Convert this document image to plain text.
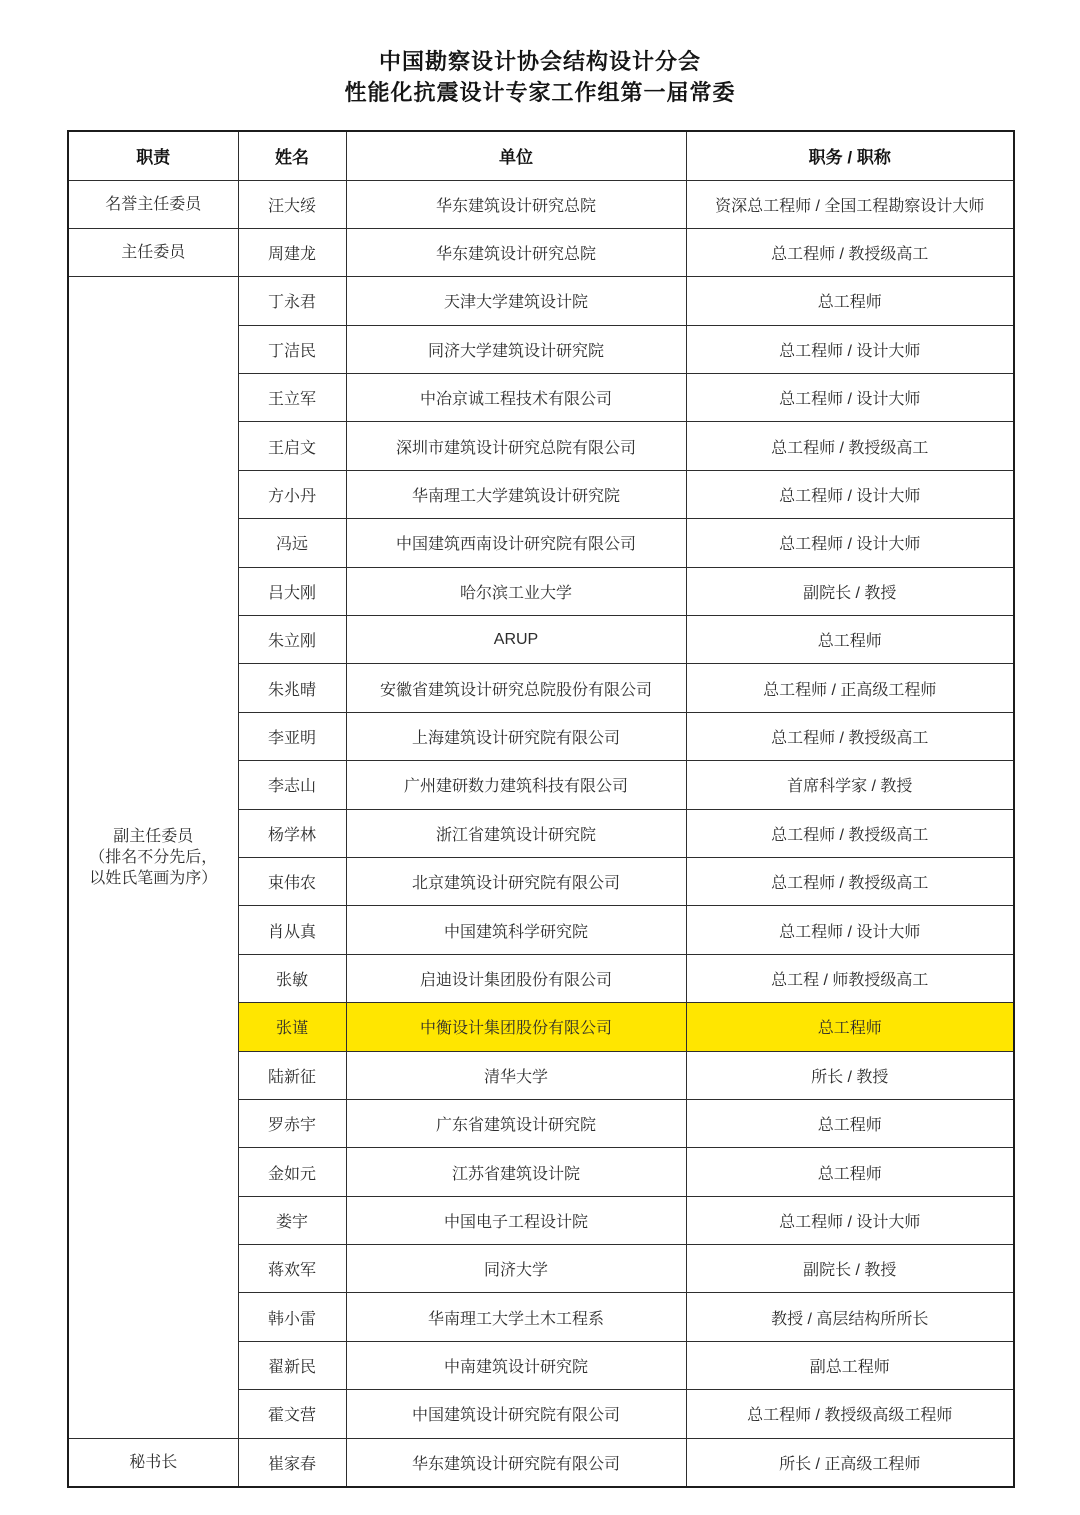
中国勘察设计协会结构设计分会
性能化抗震设计专家工作组第一届常委
职责	姓名	单位	职务 / 职称
名誉主任委员	汪大绥	华东建筑设计研究总院	资深总工程师 / 全国工程勘察设计大师
主任委员	周建龙	华东建筑设计研究总院	总工程师 / 教授级高工
副主任委员
（排名不分先后，
以姓氏笔画为序）	丁永君	天津大学建筑设计院	总工程师
	丁洁民	同济大学建筑设计研究院	总工程师 / 设计大师
	王立军	中冶京诚工程技术有限公司	总工程师 / 设计大师
	王启文	深圳市建筑设计研究总院有限公司	总工程师 / 教授级高工
	方小丹	华南理工大学建筑设计研究院	总工程师 / 设计大师
	冯远	中国建筑西南设计研究院有限公司	总工程师 / 设计大师
	吕大刚	哈尔滨工业大学	副院长 / 教授
	朱立刚	ARUP	总工程师
	朱兆晴	安徽省建筑设计研究总院股份有限公司	总工程师 / 正高级工程师
	李亚明	上海建筑设计研究院有限公司	总工程师 / 教授级高工
	李志山	广州建研数力建筑科技有限公司	首席科学家 / 教授
	杨学林	浙江省建筑设计研究院	总工程师 / 教授级高工
	束伟农	北京建筑设计研究院有限公司	总工程师 / 教授级高工
	肖从真	中国建筑科学研究院	总工程师 / 设计大师
	张敏	启迪设计集团股份有限公司	总工程 / 师教授级高工
	张谨	中衡设计集团股份有限公司	总工程师
	陆新征	清华大学	所长 / 教授
	罗赤宇	广东省建筑设计研究院	总工程师
	金如元	江苏省建筑设计院	总工程师
	娄宇	中国电子工程设计院	总工程师 / 设计大师
	蒋欢军	同济大学	副院长 / 教授
	韩小雷	华南理工大学土木工程系	教授 / 高层结构所所长
	翟新民	中南建筑设计研究院	副总工程师
	霍文营	中国建筑设计研究院有限公司	总工程师 / 教授级高级工程师
秘书长	崔家春	华东建筑设计研究院有限公司	所长 / 正高级工程师
